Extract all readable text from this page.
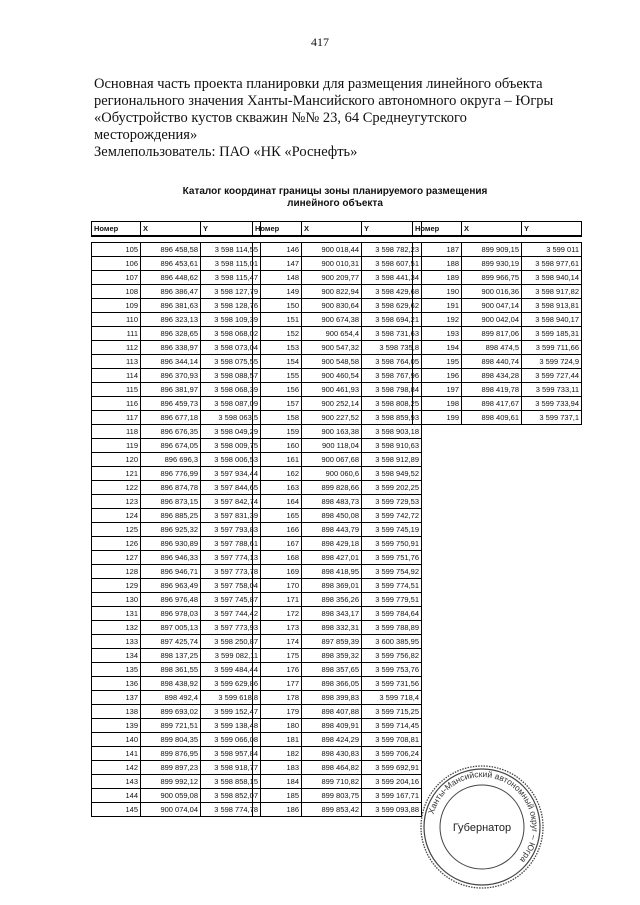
417
Основная часть проекта планировки для размещения линейного объекта
регионального значения Ханты-Мансийского автономного округа – Югры
«Обустройство кустов скважин №№ 23, 64 Среднеугутского
месторождения»
Землепользователь: ПАО «НК «Роснефть»
Каталог координат границы зоны планируемого размещения
линейного объекта
Номер	X	Y

105	896 458,58	3 598 114,55
106	896 453,61	3 598 115,01
107	896 448,62	3 598 115,47
108	896 386,47	3 598 127,79
109	896 381,63	3 598 128,76
110	896 323,13	3 598 109,39
111	896 328,65	3 598 068,02
112	896 338,97	3 598 073,04
113	896 344,14	3 598 075,55
114	896 370,93	3 598 088,57
115	896 381,97	3 598 068,39
116	896 459,73	3 598 087,09
117	896 677,18	3 598 063,5
118	896 676,35	3 598 049,29
119	896 674,05	3 598 009,75
120	896 696,3	3 598 006,53
121	896 776,99	3 597 934,44
122	896 874,78	3 597 844,65
123	896 873,15	3 597 842,74
124	896 885,25	3 597 831,39
125	896 925,32	3 597 793,83
126	896 930,89	3 597 788,61
127	896 946,33	3 597 774,13
128	896 946,71	3 597 773,78
129	896 963,49	3 597 758,04
130	896 976,48	3 597 745,87
131	896 978,03	3 597 744,42
132	897 005,13	3 597 773,93
133	897 425,74	3 598 250,87
134	898 137,25	3 599 082,11
135	898 361,55	3 599 484,44
136	898 438,92	3 599 629,86
137	898 492,4	3 599 618,8
138	899 693,02	3 599 152,47
139	899 721,51	3 599 138,48
140	899 804,35	3 599 066,08
141	899 876,95	3 598 957,84
142	899 897,23	3 598 918,77
143	899 992,12	3 598 858,15
144	900 059,08	3 598 852,07
145	900 074,04	3 598 774,78
Номер	X	Y

146	900 018,44	3 598 782,23
147	900 010,31	3 598 607,51
148	900 209,77	3 598 441,34
149	900 822,94	3 598 429,68
150	900 830,64	3 598 629,62
151	900 674,38	3 598 694,21
152	900 654,4	3 598 731,63
153	900 547,32	3 598 735,8
154	900 548,58	3 598 764,05
155	900 460,54	3 598 767,96
156	900 461,93	3 598 798,84
157	900 252,14	3 598 808,25
158	900 227,52	3 598 859,93
159	900 163,38	3 598 903,18
160	900 118,04	3 598 910,63
161	900 067,68	3 598 912,89
162	900 060,6	3 598 949,52
163	899 828,66	3 599 202,25
164	898 483,73	3 599 729,53
165	898 450,08	3 599 742,72
166	898 443,79	3 599 745,19
167	898 429,18	3 599 750,91
168	898 427,01	3 599 751,76
169	898 418,95	3 599 754,92
170	898 369,01	3 599 774,51
171	898 356,26	3 599 779,51
172	898 343,17	3 599 784,64
173	898 332,31	3 599 788,89
174	897 859,39	3 600 385,95
175	898 359,32	3 599 756,82
176	898 357,65	3 599 753,76
177	898 366,05	3 599 731,56
178	898 399,83	3 599 718,4
179	898 407,88	3 599 715,25
180	898 409,91	3 599 714,45
181	898 424,29	3 599 708,81
182	898 430,83	3 599 706,24
183	898 464,82	3 599 692,91
184	899 710,82	3 599 204,16
185	899 803,75	3 599 167,71
186	899 853,42	3 599 093,88
Номер	X	Y

187	899 909,15	3 599 011
188	899 930,19	3 598 977,61
189	899 966,75	3 598 940,14
190	900 016,36	3 598 917,82
191	900 047,14	3 598 913,81
192	900 042,04	3 598 940,17
193	899 817,06	3 599 185,31
194	898 474,5	3 599 711,66
195	898 440,74	3 599 724,9
196	898 434,28	3 599 727,44
197	898 419,78	3 599 733,11
198	898 417,67	3 599 733,94
199	898 409,61	3 599 737,1
Ханты-Мансийский автономный округ – Югра
Губернатор
